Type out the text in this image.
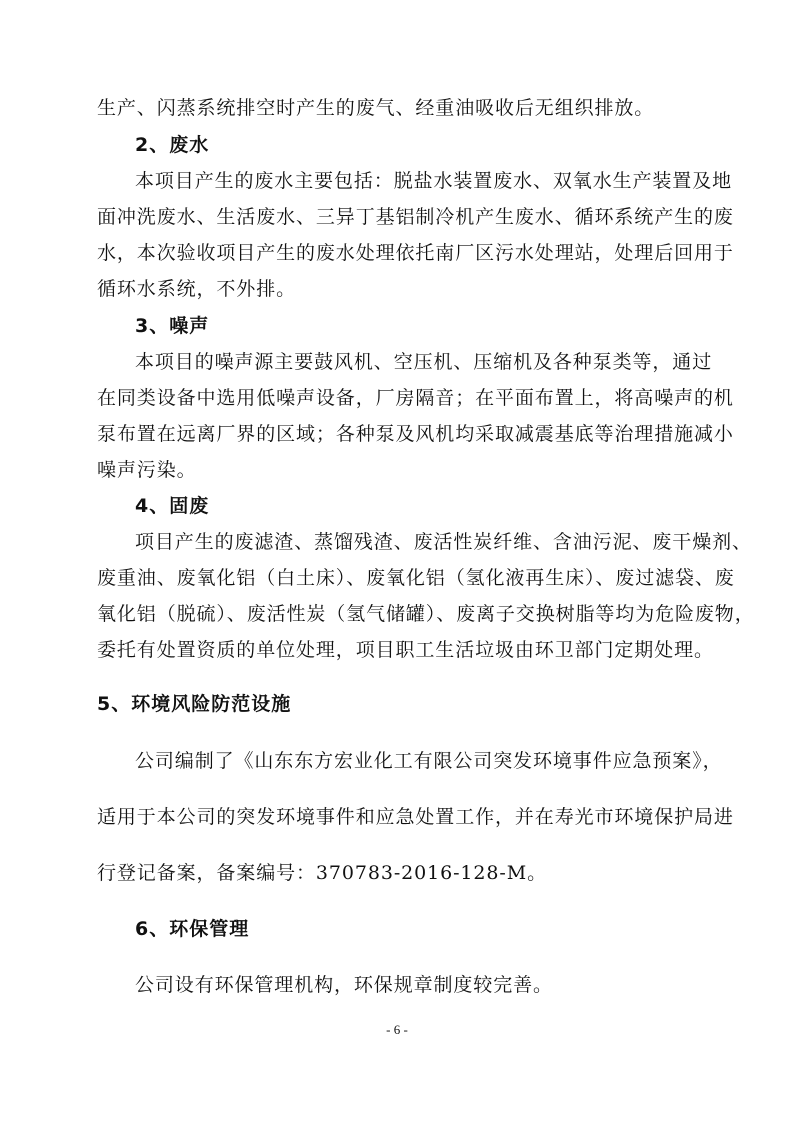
生产、闪蒸系统排空时产生的废气、经重油吸收后无组织排放。
2、废水
本项目产生的废水主要包括：脱盐水装置废水、双氧水生产装置及地
面冲洗废水、生活废水、三异丁基铝制冷机产生废水、循环系统产生的废
水，本次验收项目产生的废水处理依托南厂区污水处理站，处理后回用于
循环水系统，不外排。
3、噪声
本项目的噪声源主要鼓风机、空压机、压缩机及各种泵类等，通过
在同类设备中选用低噪声设备，厂房隔音；在平面布置上，将高噪声的机
泵布置在远离厂界的区域；各种泵及风机均采取减震基底等治理措施减小
噪声污染。
4、固废
项目产生的废滤渣、蒸馏残渣、废活性炭纤维、含油污泥、废干燥剂、
废重油、废氧化铝（白土床）、废氧化铝（氢化液再生床）、废过滤袋、废
氧化铝（脱硫）、废活性炭（氢气储罐）、废离子交换树脂等均为危险废物，
委托有处置资质的单位处理，项目职工生活垃圾由环卫部门定期处理。
5、环境风险防范设施
公司编制了《山东东方宏业化工有限公司突发环境事件应急预案》，
适用于本公司的突发环境事件和应急处置工作，并在寿光市环境保护局进
行登记备案，备案编号：370783-2016-128-M。
6、环保管理
公司设有环保管理机构，环保规章制度较完善。
- 6 -
